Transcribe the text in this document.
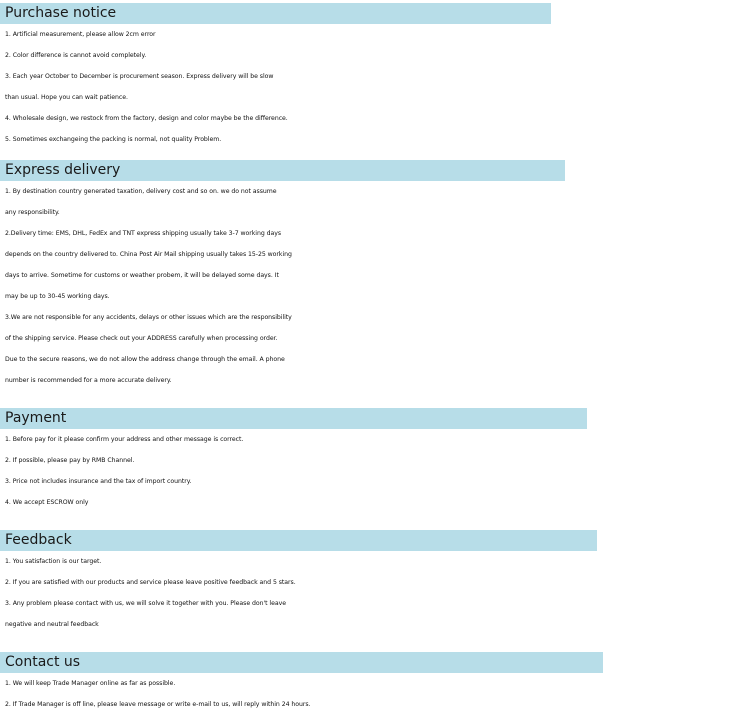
Purchase notice
1. Artificial measurement, please allow 2cm error
2. Color difference is cannot avoid completely.
3. Each year October to December is procurement season. Express delivery will be slow
than usual. Hope you can wait patience.
4. Wholesale design, we restock from the factory, design and color maybe be the difference.
5. Sometimes exchangeing the packing is normal, not quality Problem.
Express delivery
1. By destination country generated taxation, delivery cost and so on. we do not assume
any responsibility.
2.Delivery time: EMS, DHL, FedEx and TNT express shipping usually take 3-7 working days
depends on the country delivered to. China Post Air Mail shipping usually takes 15-25 working
days to arrive. Sometime for customs or weather probem, it will be delayed some days. It
may be up to 30-45 working days.
3.We are not responsible for any accidents, delays or other issues which are the responsibility
of the shipping service. Please check out your ADDRESS carefully when processing order.
Due to the secure reasons, we do not allow the address change through the email. A phone
number is recommended for a more accurate delivery.
Payment
1. Before pay for it please confirm your address and other message is correct.
2. If possible, please pay by RMB Channel.
3. Price not includes insurance and the tax of import country.
4. We accept ESCROW only
Feedback
1. You satisfaction is our target.
2. If you are satisfied with our products and service please leave positive feedback and 5 stars.
3. Any problem please contact with us, we will solve it together with you. Please don't leave
negative and neutral feedback
Contact us
1. We will keep Trade Manager online as far as possible.
2. If Trade Manager is off line, please leave message or write e-mail to us, will reply within 24 hours.
